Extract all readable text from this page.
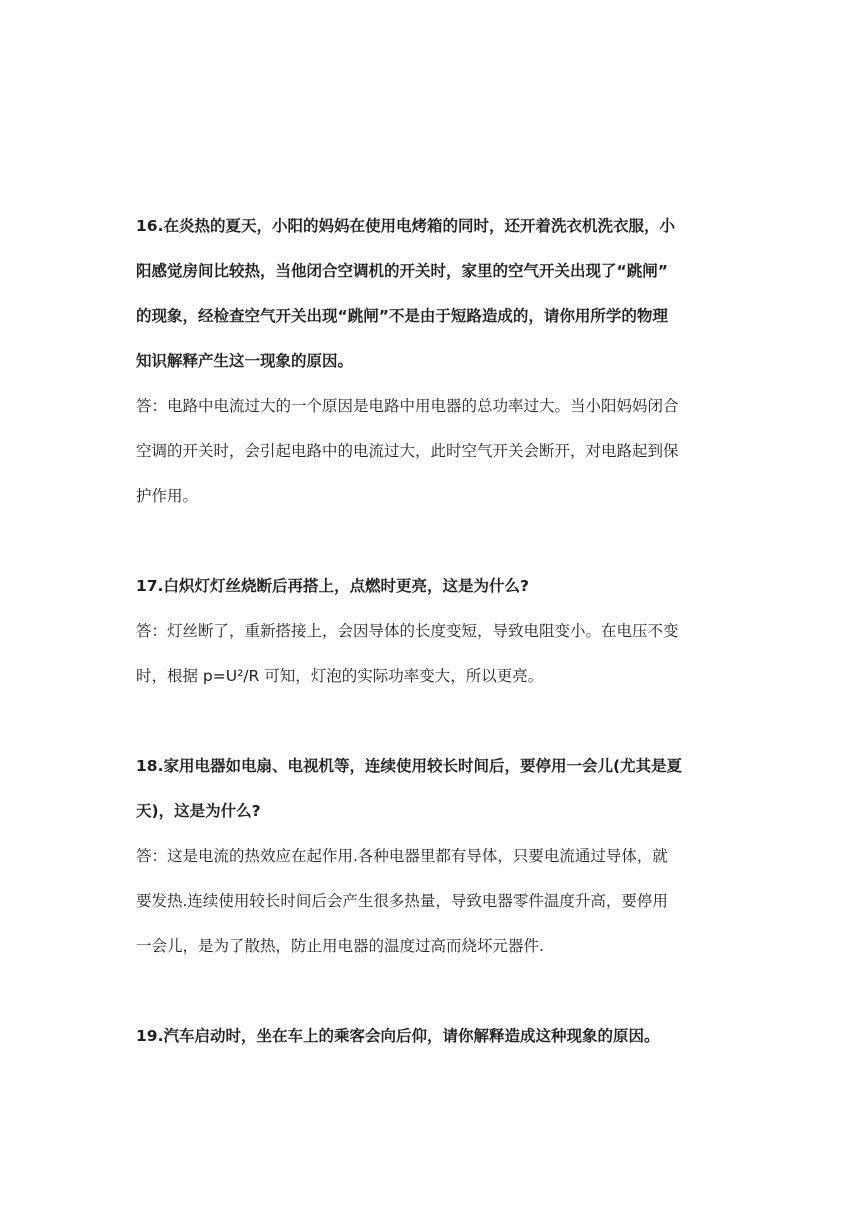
16.在炎热的夏天，小阳的妈妈在使用电烤箱的同时，还开着洗衣机洗衣服，小
阳感觉房间比较热，当他闭合空调机的开关时，家里的空气开关出现了“跳闸”
的现象，经检查空气开关出现“跳闸”不是由于短路造成的，请你用所学的物理
知识解释产生这一现象的原因。
答：电路中电流过大的一个原因是电路中用电器的总功率过大。当小阳妈妈闭合
空调的开关时，会引起电路中的电流过大，此时空气开关会断开，对电路起到保
护作用。
17.白炽灯灯丝烧断后再搭上，点燃时更亮，这是为什么?
答：灯丝断了，重新搭接上，会因导体的长度变短，导致电阻变小。在电压不变
时，根据 p=U²/R 可知，灯泡的实际功率变大，所以更亮。
18.家用电器如电扇、电视机等，连续使用较长时间后，要停用一会儿(尤其是夏
天)，这是为什么?
答：这是电流的热效应在起作用.各种电器里都有导体，只要电流通过导体，就
要发热.连续使用较长时间后会产生很多热量，导致电器零件温度升高，要停用
一会儿，是为了散热，防止用电器的温度过高而烧坏元器件.
19.汽车启动时，坐在车上的乘客会向后仰，请你解释造成这种现象的原因。
